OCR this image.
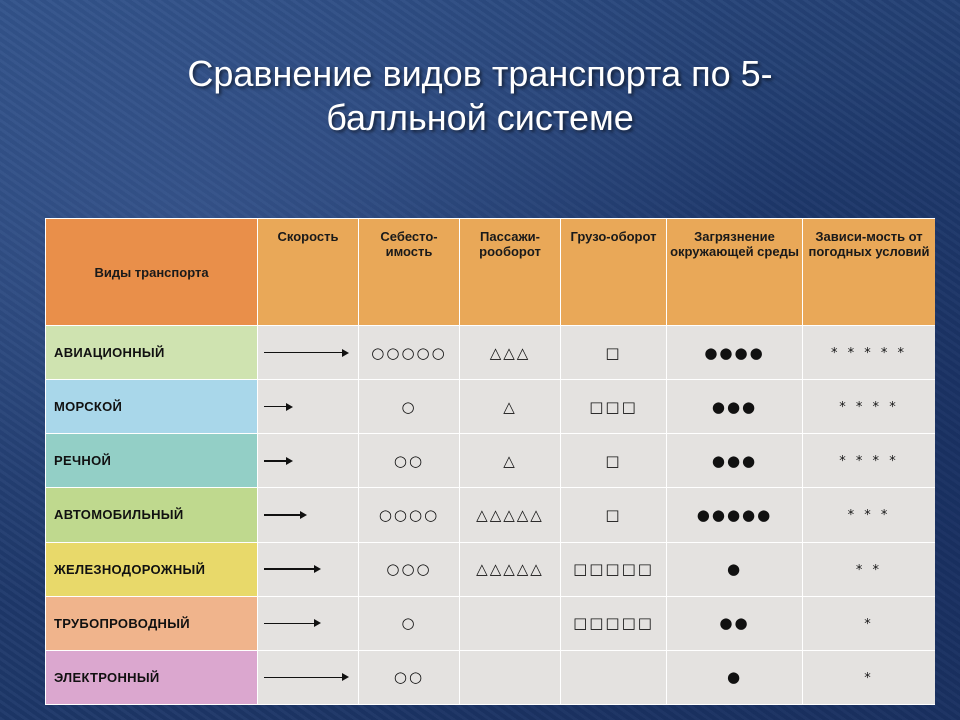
Сравнение видов транспорта по 5-
балльной системе
Виды транспорта	Скорость	Себесто-имость	Пассажи-рооборот	Грузо-оборот	Загрязнение окружающей среды	Зависи-мость от погодных условий
АВИАЦИОННЫЙ		○○○○○	△△△	□	●●●●	* * * * *
МОРСКОЙ		○	△	□□□	●●●	* * * *
РЕЧНОЙ		○○	△	□	●●●	* * * *
АВТОМОБИЛЬНЫЙ		○○○○	△△△△△	□	●●●●●	* * *
ЖЕЛЕЗНОДОРОЖНЫЙ		○○○	△△△△△	□□□□□	●	* *
ТРУБОПРОВОДНЫЙ		○		□□□□□	●●	*
ЭЛЕКТРОННЫЙ		○○			●	*
